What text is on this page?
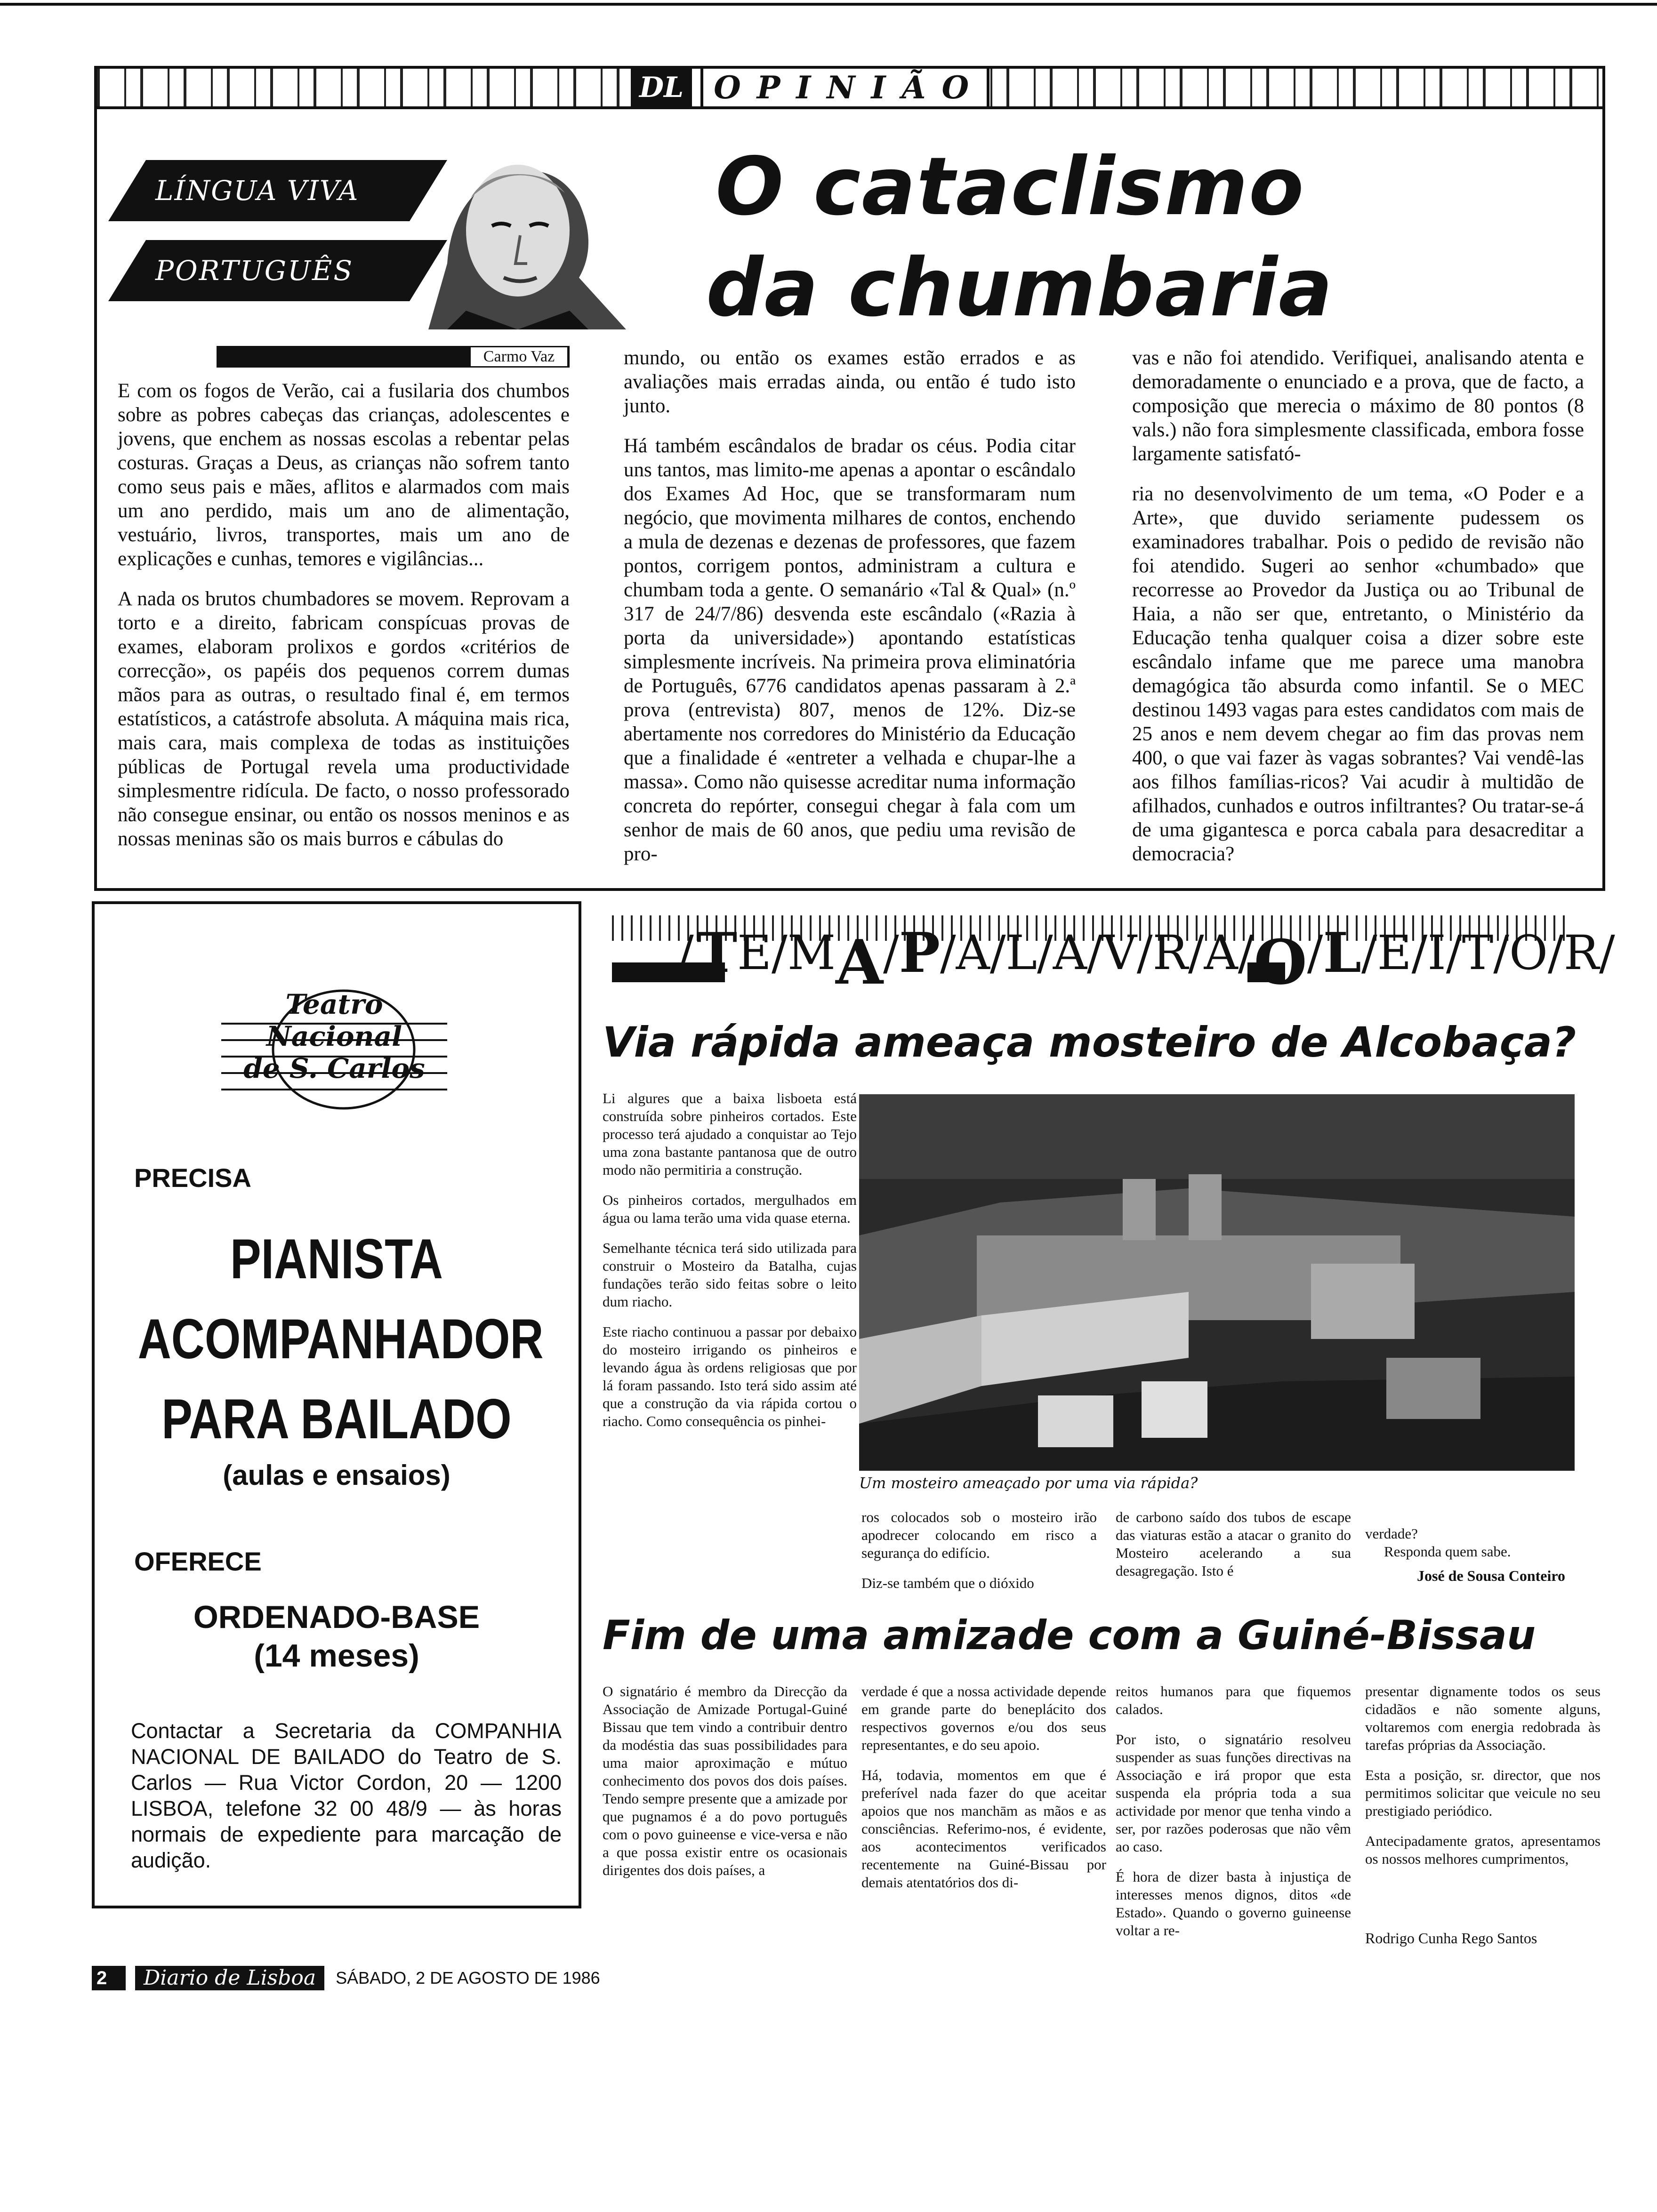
DL OPINIÃO
LÍNGUA VIVA
PORTUGUÊS
O cataclismo
da chumbaria
Carmo Vaz

E com os fogos de Verão, cai a fusilaria dos chumbos sobre as pobres cabeças das crianças, adolescentes e jovens, que enchem as nossas escolas a rebentar pelas costuras. Graças a Deus, as crianças não sofrem tanto como seus pais e mães, aflitos e alarmados com mais um ano perdido, mais um ano de alimentação, vestuário, livros, transportes, mais um ano de explicações e cunhas, temores e vigilâncias...

A nada os brutos chumbadores se movem. Reprovam a torto e a direito, fabricam conspícuas provas de exames, elaboram prolixos e gordos «critérios de correcção», os papéis dos pequenos correm dumas mãos para as outras, o resultado final é, em termos estatísticos, a catástrofe absoluta. A máquina mais rica, mais cara, mais complexa de todas as instituições públicas de Portugal revela uma productividade simplesmentre ridícula. De facto, o nosso professorado não consegue ensinar, ou então os nossos meninos e as nossas meninas são os mais burros e cábulas do

mundo, ou então os exames estão errados e as avaliações mais erradas ainda, ou então é tudo isto junto.

Há também escândalos de bradar os céus. Podia citar uns tantos, mas limito-me apenas a apontar o escândalo dos Exames Ad Hoc, que se transformaram num negócio, que movimenta milhares de contos, enchendo a mula de dezenas e dezenas de professores, que fazem pontos, corrigem pontos, administram a cultura e chumbam toda a gente. O semanário «Tal & Qual» (n.º 317 de 24/7/86) desvenda este escândalo («Razia à porta da universidade») apontando estatísticas simplesmente incríveis. Na primeira prova eliminatória de Português, 6776 candidatos apenas passaram à 2.ª prova (entrevista) 807, menos de 12%. Diz-se abertamente nos corredores do Ministério da Educação que a finalidade é «entreter a velhada e chupar-lhe a massa». Como não quisesse acreditar numa informação concreta do repórter, consegui chegar à fala com um senhor de mais de 60 anos, que pediu uma revisão de pro-

vas e não foi atendido. Verifiquei, analisando atenta e demoradamente o enunciado e a prova, que de facto, a composição que merecia o máximo de 80 pontos (8 vals.) não fora simplesmente classificada, embora fosse largamente satisfató-

ria no desenvolvimento de um tema, «O Poder e a Arte», que duvido seriamente pudessem os examinadores trabalhar. Pois o pedido de revisão não foi atendido. Sugeri ao senhor «chumbado» que recorresse ao Provedor da Justiça ou ao Tribunal de Haia, a não ser que, entretanto, o Ministério da Educação tenha qualquer coisa a dizer sobre este escândalo infame que me parece uma manobra demagógica tão absurda como infantil. Se o MEC destinou 1493 vagas para estes candidatos com mais de 25 anos e nem devem chegar ao fim das provas nem 400, o que vai fazer às vagas sobrantes? Vai vendê-las aos filhos famílias-ricos? Vai acudir à multidão de afilhados, cunhados e outros infiltrantes? Ou tratar-se-á de uma gigantesca e porca cabala para desacreditar a democracia?

Teatro
Nacional
de S. Carlos
PRECISA
PIANISTA
ACOMPANHADOR
PARA BAILADO
(aulas e ensaios)
OFERECE
ORDENADO-BASE
(14 meses)
Contactar a Secretaria da COMPANHIA NACIONAL DE BAILADO do Teatro de S. Carlos — Rua Victor Cordon, 20 — 1200 LISBOA, telefone 32 00 48/9 — às horas normais de expediente para marcação de audição.
/ T E / M A / P / A / L / A / V / R / A / O / L / E / I / T / O / R /
Via rápida ameaça mosteiro de Alcobaça?

Li algures que a baixa lisboeta está construída sobre pinheiros cortados. Este processo terá ajudado a conquistar ao Tejo uma zona bastante pantanosa que de outro modo não permitiria a construção.

Os pinheiros cortados, mergulhados em água ou lama terão uma vida quase eterna.

Semelhante técnica terá sido utilizada para construir o Mosteiro da Batalha, cujas fundações terão sido feitas sobre o leito dum riacho.

Este riacho continuou a passar por debaixo do mosteiro irrigando os pinheiros e levando água às ordens religiosas que por lá foram passando. Isto terá sido assim até que a construção da via rápida cortou o riacho. Como consequência os pinhei-

Um mosteiro ameaçado por uma via rápida?

ros colocados sob o mosteiro irão apodrecer colocando em risco a segurança do edifício.

Diz-se também que o dióxido

de carbono saído dos tubos de escape das viaturas estão a atacar o granito do Mosteiro acelerando a sua desagregação. Isto é

verdade?

Responda quem sabe.

José de Sousa Conteiro
Fim de uma amizade com a Guiné-Bissau

O signatário é membro da Direcção da Associação de Amizade Portugal-Guiné Bissau que tem vindo a contribuir dentro da modéstia das suas possibilidades para uma maior aproximação e mútuo conhecimento dos povos dos dois países. Tendo sempre presente que a amizade por que pugnamos é a do povo português com o povo guineense e vice-versa e não a que possa existir entre os ocasionais dirigentes dos dois países, a

verdade é que a nossa actividade depende em grande parte do beneplácito dos respectivos governos e/ou dos seus representantes, e do seu apoio.

Há, todavia, momentos em que é preferível nada fazer do que aceitar apoios que nos manchām as mãos e as consciências. Referimo-nos, é evidente, aos acontecimentos verificados recentemente na Guiné-Bissau por demais atentatórios dos di-

reitos humanos para que fiquemos calados.

Por isto, o signatário resolveu suspender as suas funções directivas na Associação e irá propor que esta suspenda ela própria toda a sua actividade por menor que tenha vindo a ser, por razões poderosas que não vêm ao caso.

É hora de dizer basta à injustiça de interesses menos dignos, ditos «de Estado». Quando o governo guineense voltar a re-

presentar dignamente todos os seus cidadãos e não somente alguns, voltaremos com energia redobrada às tarefas próprias da Associação.

Esta a posição, sr. director, que nos permitimos solicitar que veicule no seu prestigiado periódico.

Antecipadamente gratos, apresentamos os nossos melhores cumprimentos,

Rodrigo Cunha Rego Santos
2	Diario de Lisboa	SÁBADO, 2 DE AGOSTO DE 1986
